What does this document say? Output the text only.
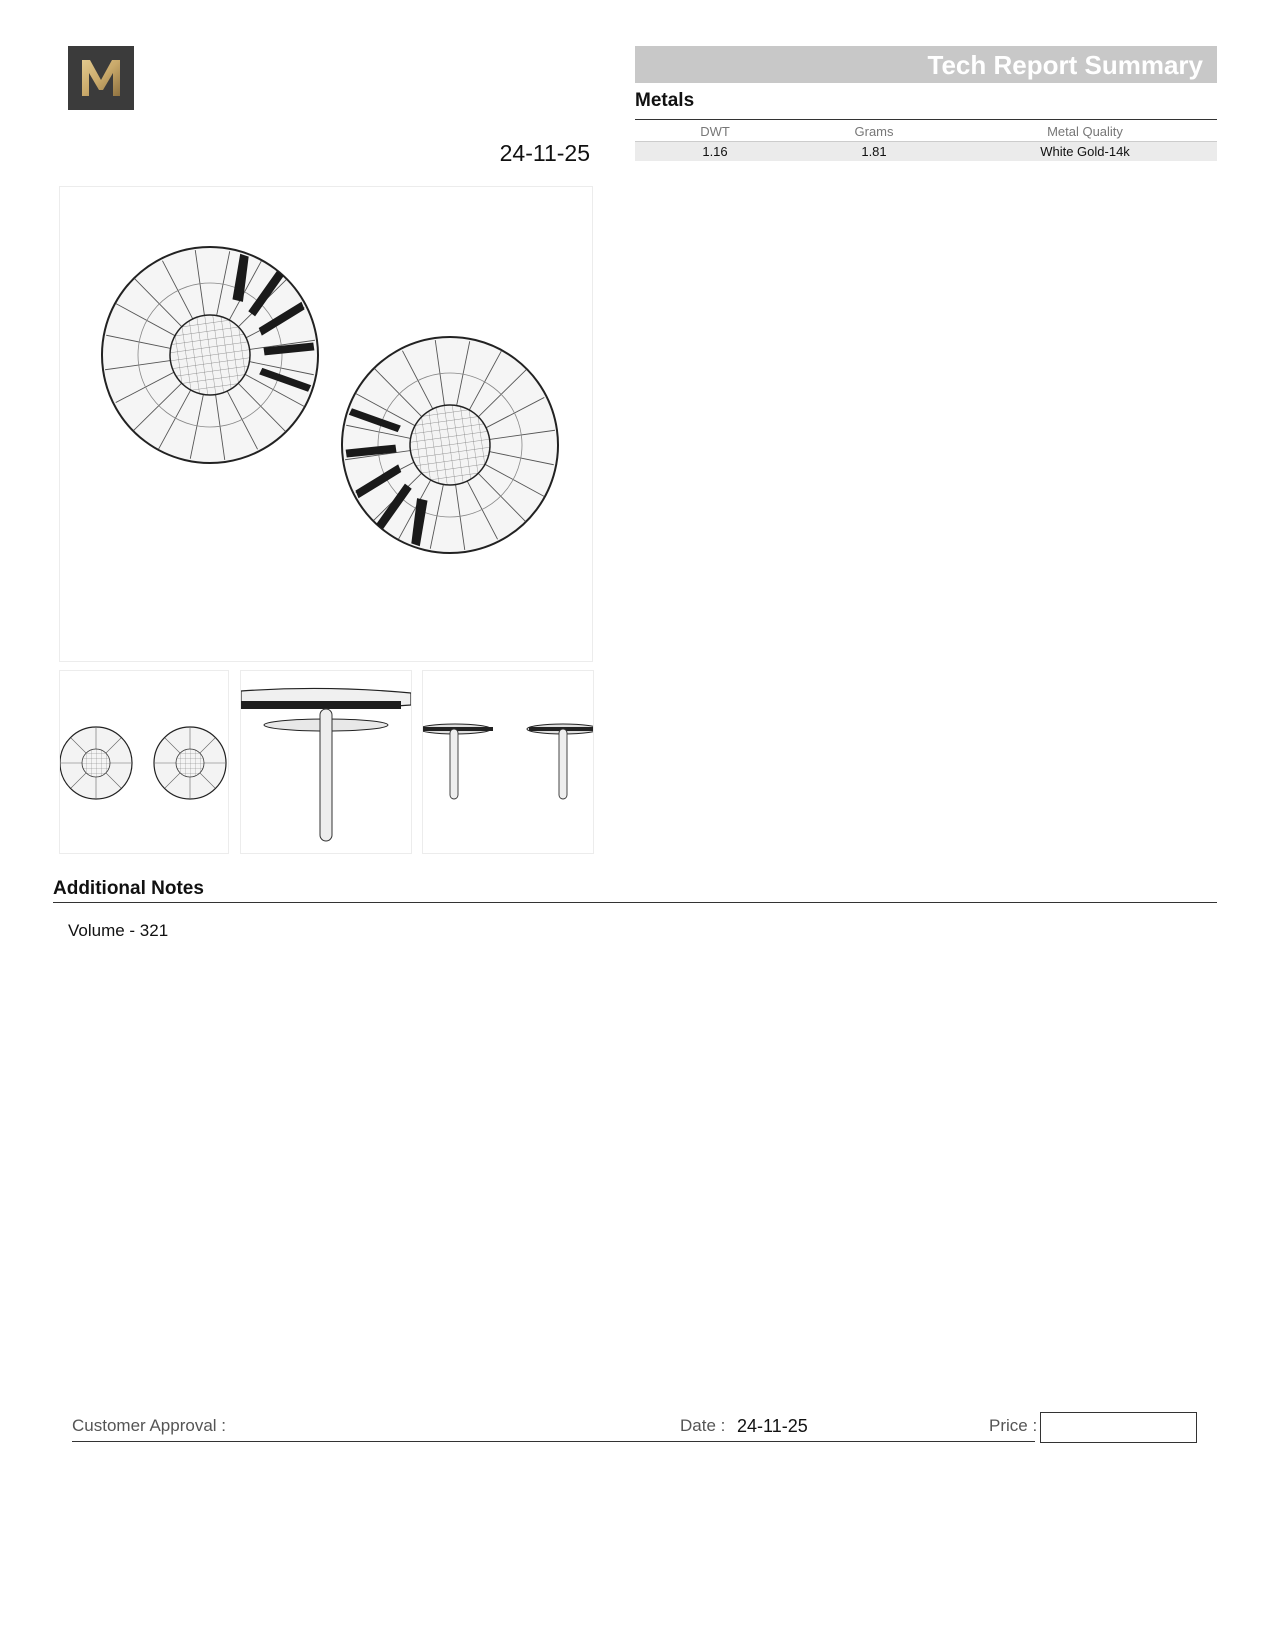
Tech Report Summary
Metals
DWT	Grams	Metal Quality
1.16	1.81	White Gold-14k
24-11-25
Additional Notes
Volume - 321
Customer Approval :	Date : 24-11-25	Price :
